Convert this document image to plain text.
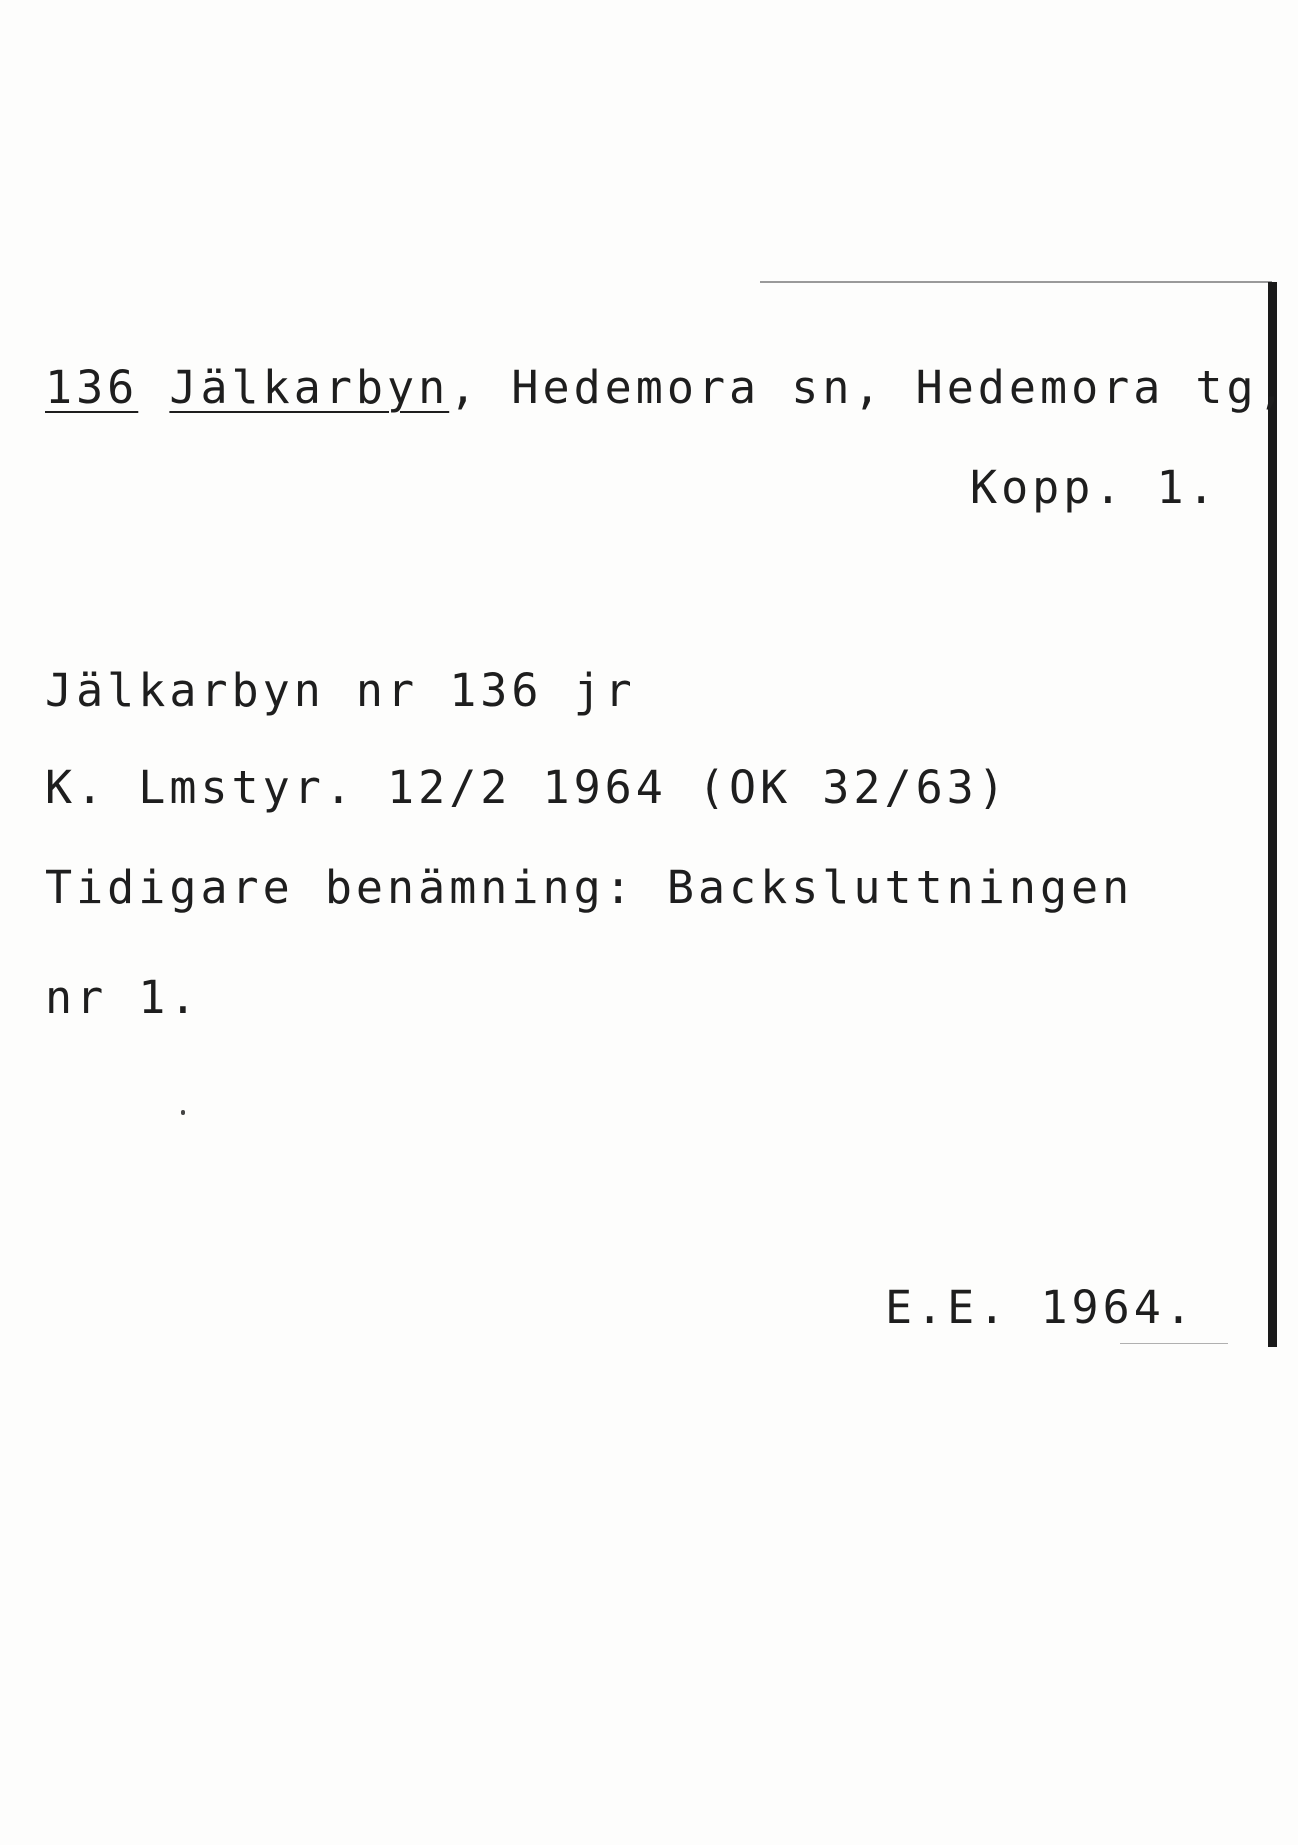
136 Jälkarbyn, Hedemora sn, Hedemora tg,
Kopp. 1.
Jälkarbyn nr 136 jr
K. Lmstyr. 12/2 1964 (OK 32/63)
Tidigare benämning: Backsluttningen
nr 1.
E.E. 1964.
